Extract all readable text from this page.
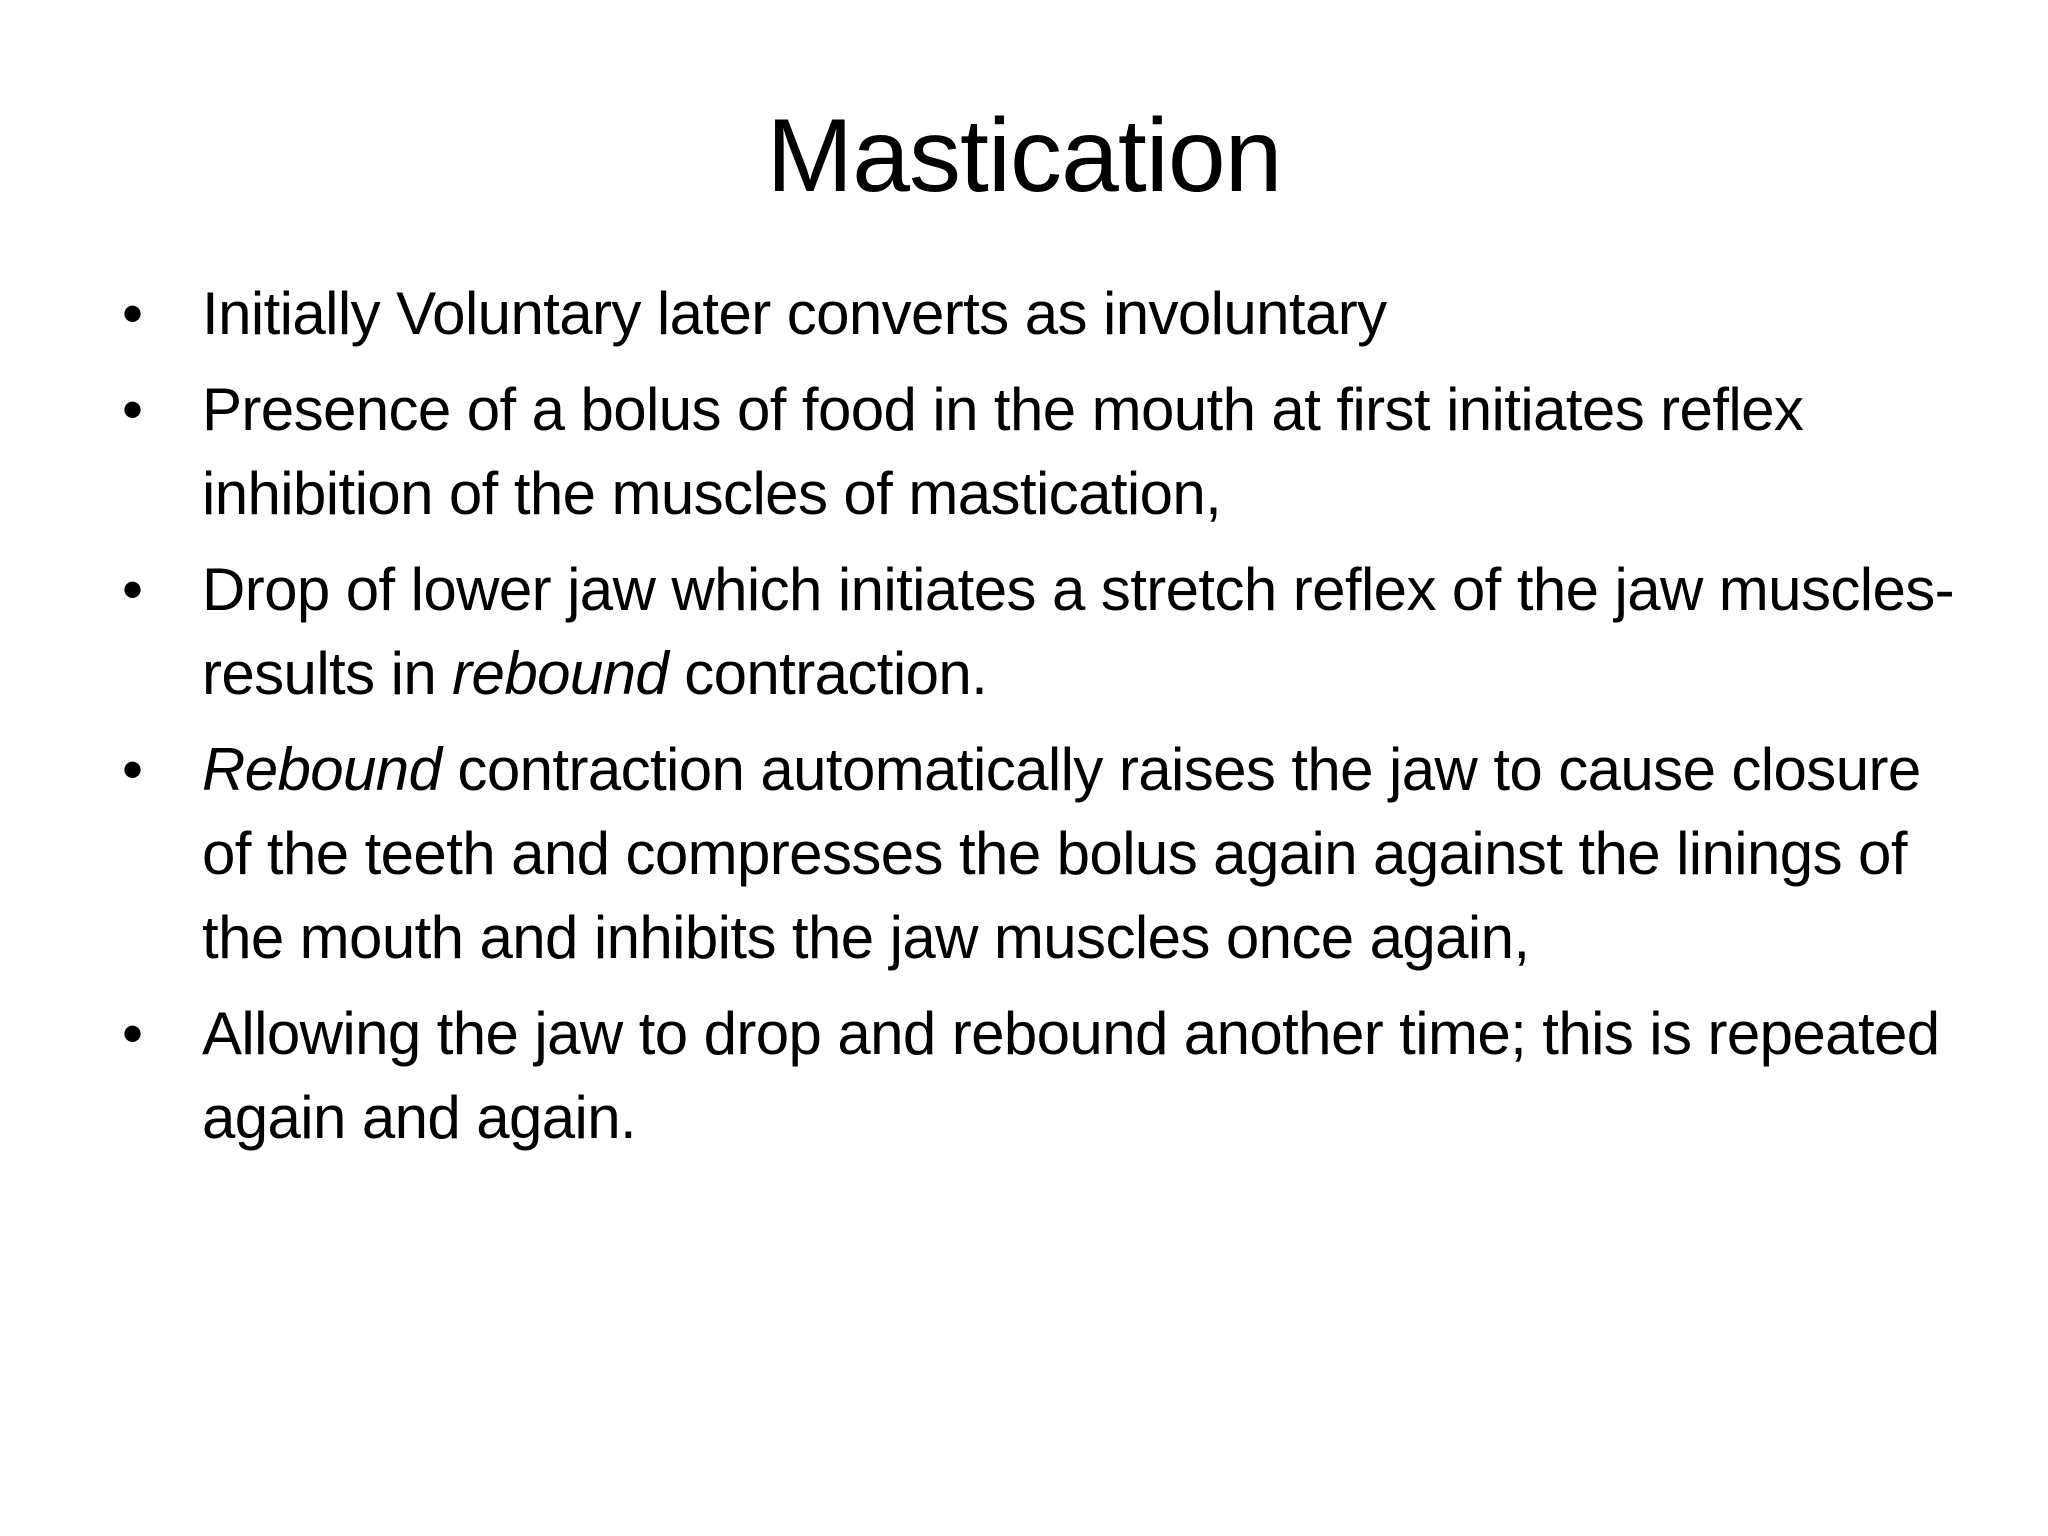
Mastication
• Initially Voluntary later converts as involuntary
• Presence of a bolus of food in the mouth at first initiates reflex
inhibition of the muscles of mastication,
• Drop of lower jaw which initiates a stretch reflex of the jaw muscles-
results in rebound contraction.
• Rebound contraction automatically raises the jaw to cause closure
of the teeth and compresses the bolus again against the linings of
the mouth and inhibits the jaw muscles once again,
• Allowing the jaw to drop and rebound another time; this is repeated
again and again.
